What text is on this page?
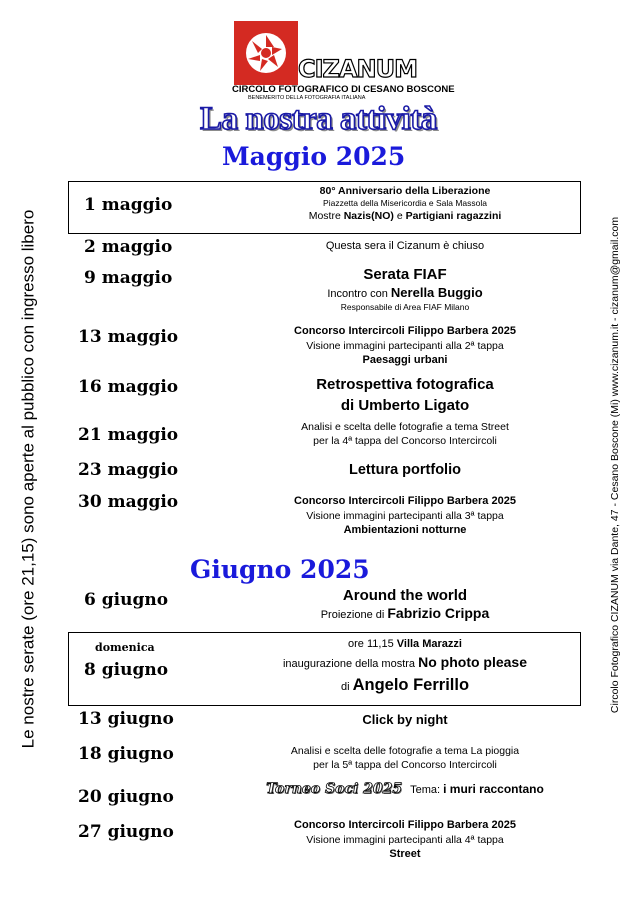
CIZANUM
CIRCOLO FOTOGRAFICO DI CESANO BOSCONE
BENEMERITO DELLA FOTOGRAFIA ITALIANA
La nostra attività
Maggio 2025
Giugno 2025
Le nostre serate (ore 21,15) sono aperte al pubblico con ingresso libero	Circolo Fotografico CIZANUM via Dante, 47 - Cesano Boscone (Mi) www.cizanum.it - cizanum@gmail.com
1 maggio
80° Anniversario della Liberazione
Piazzetta della Misericordia e Sala Massola
Mostre Nazis(NO) e Partigiani ragazzini
2 maggio	Questa sera il Cizanum è chiuso
9 maggio	Serata FIAF
Incontro con Nerella Buggio
Responsabile di Area FIAF Milano
13 maggio	Concorso Intercircoli Filippo Barbera 2025
Visione immagini partecipanti alla 2ª tappa
Paesaggi urbani
16 maggio	Retrospettiva fotografica
di Umberto Ligato
21 maggio	Analisi e scelta delle fotografie a tema Street
per la 4ª tappa del Concorso Intercircoli
23 maggio	Lettura portfolio
30 maggio	Concorso Intercircoli Filippo Barbera 2025
Visione immagini partecipanti alla 3ª tappa
Ambientazioni notturne
6 giugno	Around the world
Proiezione di Fabrizio Crippa
domenica
8 giugno
ore 11,15 Villa Marazzi
inaugurazione della mostra No photo please
di Angelo Ferrillo
13 giugno	Click by night
18 giugno	Analisi e scelta delle fotografie a tema La pioggia
per la 5ª tappa del Concorso Intercircoli
20 giugno	Torneo Soci 2025 Tema: i muri raccontano
27 giugno	Concorso Intercircoli Filippo Barbera 2025
Visione immagini partecipanti alla 4ª tappa
Street
